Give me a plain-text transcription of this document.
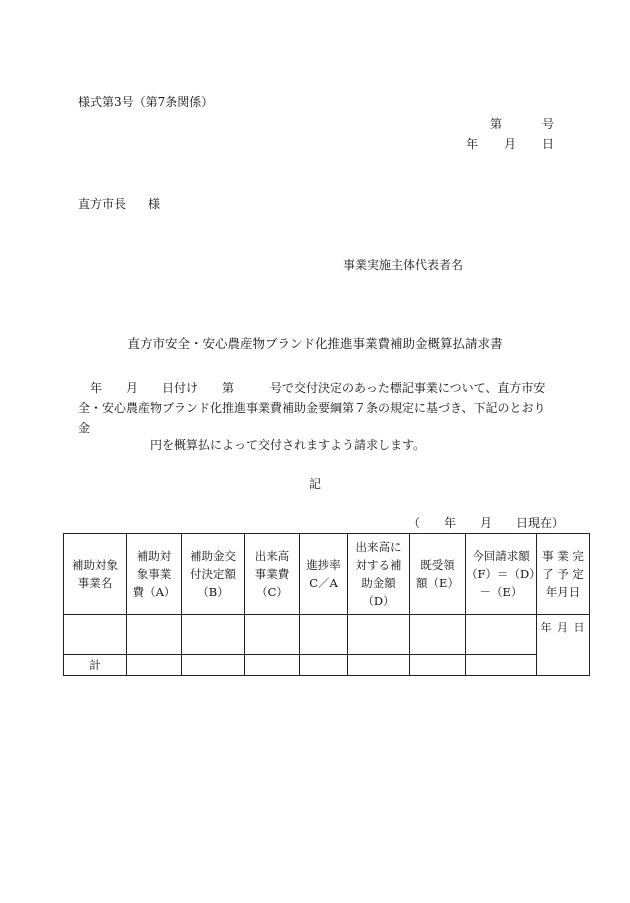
様式第3号（第7条関係）
第	号
年 月 日
直方市長 様
事業実施主体代表者名
直方市安全・安心農産物ブランド化推進事業費補助金概算払請求書
　年　　月　　日付け　　第　　　号で交付決定のあった標記事業について、直方市安
全・安心農産物ブランド化推進事業費補助金要綱第７条の規定に基づき、下記のとおり
金
円を概算払によって交付されますよう請求します。
記
（　　年　　月　　日現在）
補助対象
事業名	補助対
象事業
費（A）	補助金交
付決定額
（B）	出来高
事業費
（C）	進捗率
C／A	出来高に
対する補
助金額
（D）	既受領
額（E）	今回請求額
（F）＝（D）
－（E）	事 業 完
了 予 定
年月日

								年 月 日

計								
